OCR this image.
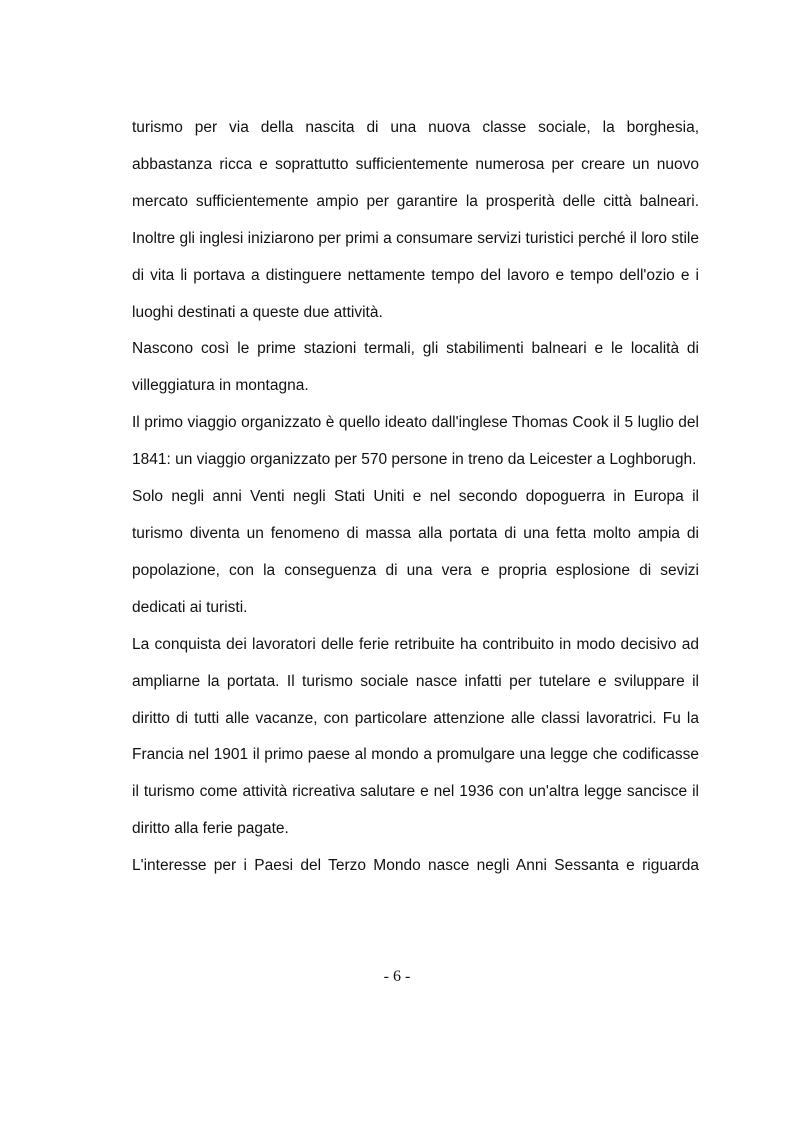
turismo per via della nascita di una nuova classe sociale, la borghesia, abbastanza ricca e soprattutto sufficientemente numerosa per creare un nuovo mercato sufficientemente ampio per garantire la prosperità delle città balneari. Inoltre gli inglesi iniziarono per primi a consumare servizi turistici perché il loro stile di vita li portava a distinguere nettamente tempo del lavoro e tempo dell'ozio e i luoghi destinati a queste due attività.

Nascono così le prime stazioni termali, gli stabilimenti balneari e le località di villeggiatura in montagna.

Il primo viaggio organizzato è quello ideato dall'inglese Thomas Cook il 5 luglio del 1841: un viaggio organizzato per 570 persone in treno da Leicester a Loghborugh.

Solo negli anni Venti negli Stati Uniti e nel secondo dopoguerra in Europa il turismo diventa un fenomeno di massa alla portata di una fetta molto ampia di popolazione, con la conseguenza di una vera e propria esplosione di sevizi dedicati ai turisti.

La conquista dei lavoratori delle ferie retribuite ha contribuito in modo decisivo ad ampliarne la portata. Il turismo sociale nasce infatti per tutelare e sviluppare il diritto di tutti alle vacanze, con particolare attenzione alle classi lavoratrici. Fu la Francia nel 1901 il primo paese al mondo a promulgare una legge che codificasse il turismo come attività ricreativa salutare e nel 1936 con un'altra legge sancisce il diritto alla ferie pagate.

L'interesse per i Paesi del Terzo Mondo nasce negli Anni Sessanta e riguarda

- 6 -
